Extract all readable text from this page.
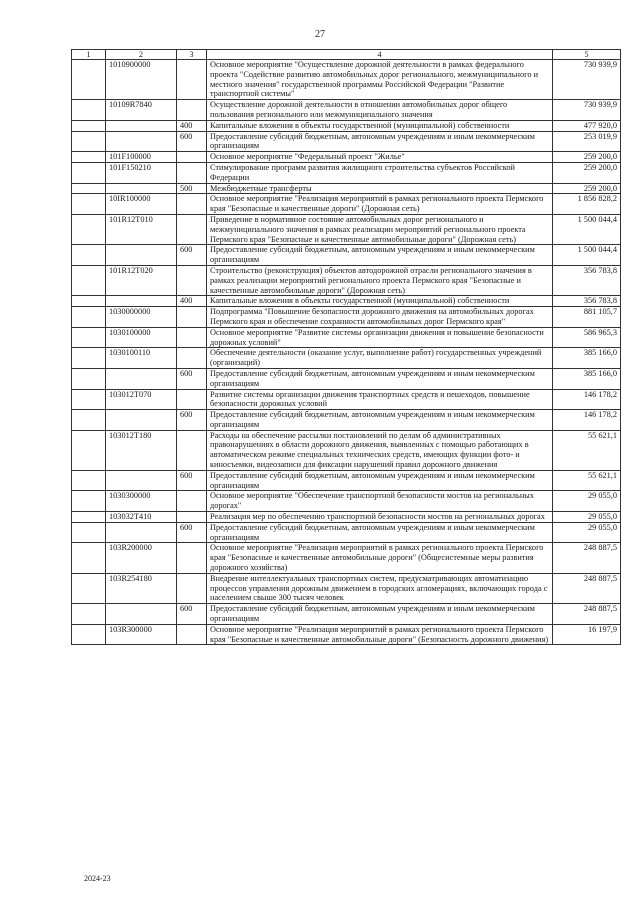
27
1	2	3	4	5
	1010900000		Основное мероприятие "Осуществление дорожной деятельности в рамках федерального проекта "Содействие развитию автомобильных дорог регионального, межмуниципального и местного значения" государственной программы Российской Федерации "Развитие транспортной системы"	730 939,9
	10109R7840		Осуществление дорожной деятельности в отношении автомобильных дорог общего пользования регионального или межмуниципального значения	730 939,9
		400	Капитальные вложения в объекты государственной (муниципальной) собственности	477 920,0
		600	Предоставление субсидий бюджетным, автономным учреждениям и иным некоммерческим организациям	253 019,9
	101F100000		Основное мероприятие "Федеральный проект "Жилье"	259 200,0
	101F150210		Стимулирование программ развития жилищного строительства субъектов Российской Федерации	259 200,0
		500	Межбюджетные трансферты	259 200,0
	10IR100000		Основное мероприятие "Реализация мероприятий в рамках регионального проекта Пермского края "Безопасные и качественные дороги" (Дорожная сеть)	1 856 828,2
	101R12T010		Приведение в нормативное состояние автомобильных дорог регионального и межмуниципального значения в рамках реализации мероприятий регионального проекта Пермского края "Безопасные и качественные автомобильные дороги" (Дорожная сеть)	1 500 044,4
		600	Предоставление субсидий бюджетным, автономным учреждениям и иным некоммерческим организациям	1 500 044,4
	101R12T020		Строительство (реконструкция) объектов автодорожной отрасли регионального значения в рамках реализации мероприятий регионального проекта Пермского края "Безопасные и качественные автомобильные дороги" (Дорожная сеть)	356 783,8
		400	Капитальные вложения в объекты государственной (муниципальной) собственности	356 783,8
	1030000000		Подпрограмма "Повышение безопасности дорожного движения на автомобильных дорогах Пермского края и обеспечение сохранности автомобильных дорог Пермского края"	881 105,7
	1030100000		Основное мероприятие "Развитие системы организации движения и повышение безопасности дорожных условий"	586 965,3
	1030100110		Обеспечение деятельности (оказание услуг, выполнение работ) государственных учреждений (организаций)	385 166,0
		600	Предоставление субсидий бюджетным, автономным учреждениям и иным некоммерческим организациям	385 166,0
	103012T070		Развитие системы организации движения транспортных средств и пешеходов, повышение безопасности дорожных условий	146 178,2
		600	Предоставление субсидий бюджетным, автономным учреждениям и иным некоммерческим организациям	146 178,2
	103012Т180		Расходы на обеспечение рассылки постановлений по делам об административных правонарушениях в области дорожного движения, выявленных с помощью работающих в автоматическом режиме специальных технических средств, имеющих функции фото- и киносъемки, видеозаписи для фиксации нарушений правил дорожного движения	55 621,1
		600	Предоставление субсидий бюджетным, автономным учреждениям и иным некоммерческим организациям	55 621,1
	1030300000		Основное мероприятие "Обеспечение транспортной безопасности мостов на региональных дорогах"	29 055,0
	103032Т410		Реализация мер по обеспечению транспортной безопасности мостов на региональных дорогах	29 055,0
		600	Предоставление субсидий бюджетным, автономным учреждениям и иным некоммерческим организациям	29 055,0
	103R200000		Основное мероприятие "Реализация мероприятий в рамках регионального проекта Пермского края "Безопасные и качественные автомобильные дороги" (Общесистемные меры развития дорожного хозяйства)	248 887,5
	103R254180		Внедрение интеллектуальных транспортных систем, предусматривающих автоматизацию процессов управления дорожным движением в городских агломерациях, включающих города с населением свыше 300 тысяч человек	248 887,5
		600	Предоставление субсидий бюджетным, автономным учреждениям и иным некоммерческим организациям	248 887,5
	103R300000		Основное мероприятие "Реализация мероприятий в рамках регионального проекта Пермского края "Безопасные и качественные автомобильные дороги" (Безопасность дорожного движения)	16 197,9
2024-23
